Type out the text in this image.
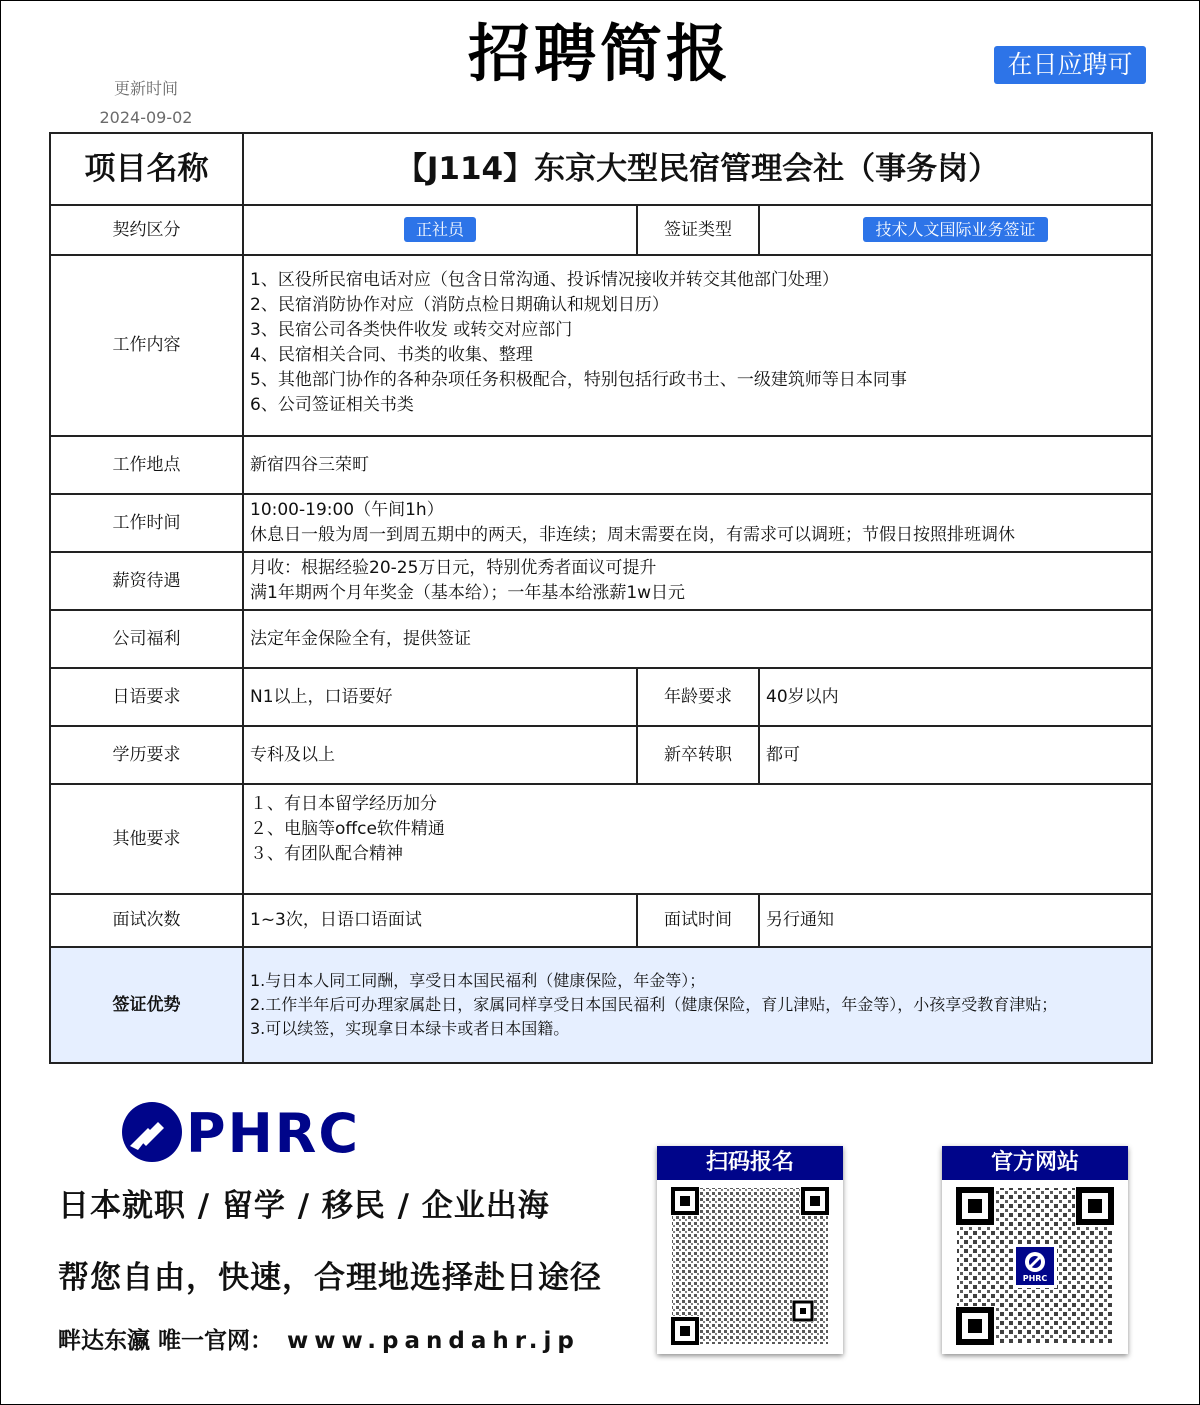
招聘简报
更新时间
2024-09-02
在日应聘可
项目名称	【J114】东京大型民宿管理会社（事务岗）		
契约区分	正社员	签证类型	技术人文国际业务签证
工作内容	
1、区役所民宿电话对应（包含日常沟通、投诉情况接收并转交其他部门处理）
2、民宿消防协作对应（消防点检日期确认和规划日历）
3、民宿公司各类快件收发 或转交对应部门
4、民宿相关合同、书类的收集、整理
5、其他部门协作的各种杂项任务积极配合，特别包括行政书士、一级建筑师等日本同事
6、公司签证相关书类

工作地点	新宿四谷三荣町		
工作时间	10:00-19:00（午间1h）
休息日一般为周一到周五期中的两天，非连续；周末需要在岗，有需求可以调班；节假日按照排班调休		

薪资待遇	月收：根据经验20-25万日元，特别优秀者面议可提升
满1年期两个月年奖金（基本给）；一年基本给涨薪1w日元		

公司福利	法定年金保险全有，提供签证		
日语要求	N1以上，口语要好	年龄要求	40岁以内
学历要求	专科及以上	新卒转职	都可
其他要求	１、有日本留学经历加分
２、电脑等offce软件精通
３、有团队配合精神		

面试次数	1~3次，日语口语面试	面试时间	另行通知
签证优势	1.与日本人同工同酬，享受日本国民福利（健康保险，年金等）；
2.工作半年后可办理家属赴日，家属同样享受日本国民福利（健康保险，育儿津贴，年金等），小孩享受教育津贴；
3.可以续签，实现拿日本绿卡或者日本国籍。		
PHRC
日本就职 / 留学 / 移民 / 企业出海
帮您自由，快速，合理地选择赴日途径
畔达东瀛 唯一官网： www.pandahr.jp
扫码报名	官方网站
PHRC
